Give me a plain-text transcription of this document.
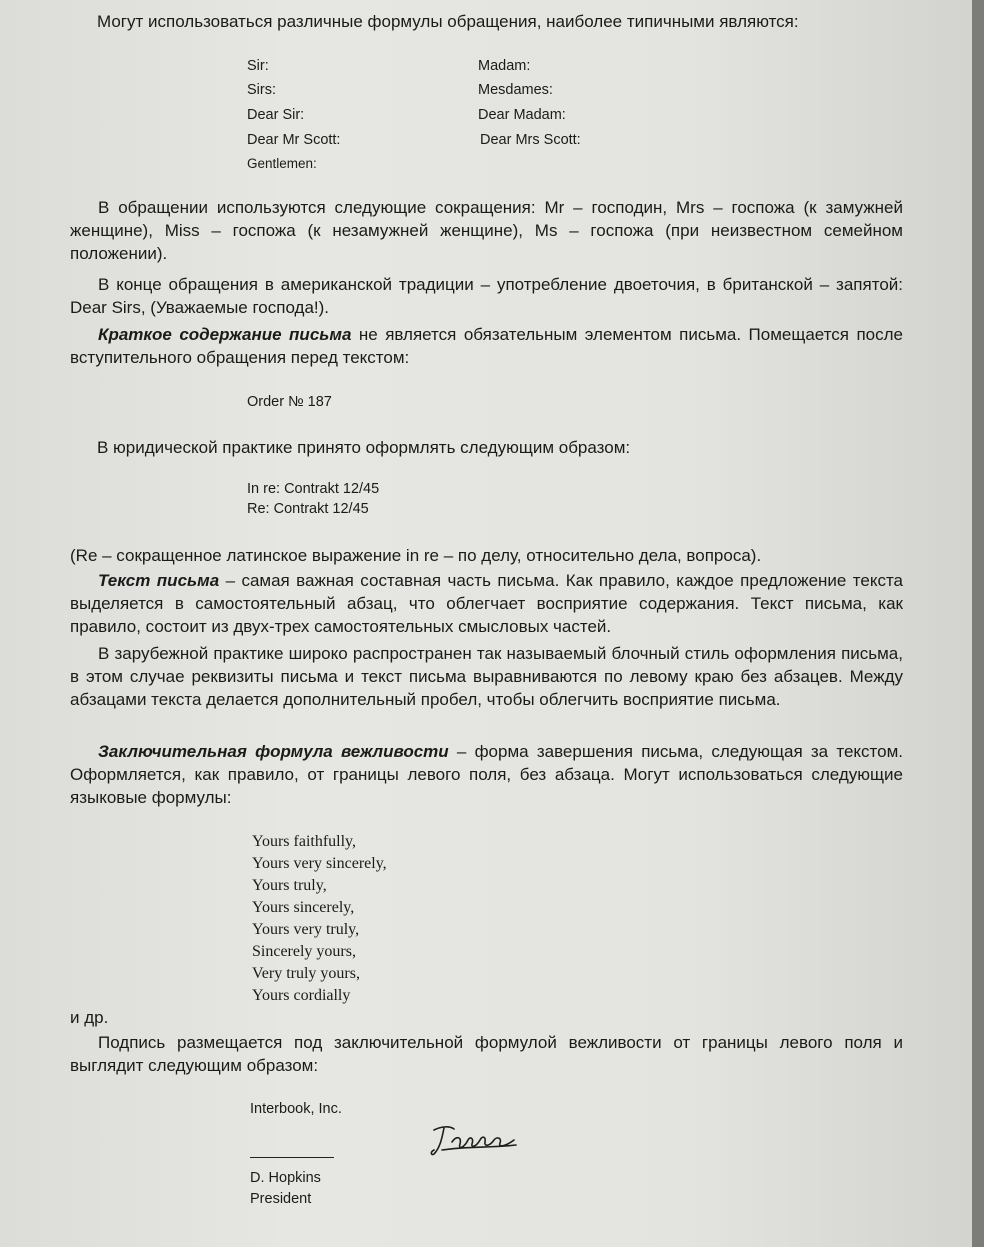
Могут использоваться различные формулы обращения, наиболее типичными являются:

Sir:
Sirs:
Dear Sir:
Dear Mr Scott:
Gentlemen:
Madam:
Mesdames:
Dear Madam:
Dear Mrs Scott:

В обращении используются следующие сокращения: Mr – господин, Mrs – госпожа (к замужней женщине), Miss – госпожа (к незамужней женщине), Ms – госпожа (при неизвестном семейном положении).

В конце обращения в американской традиции – употребление двоеточия, в британской – запятой: Dear Sirs, (Уважаемые господа!).

Краткое содержание письма не является обязательным элементом письма. Помещается после вступительного обращения перед текстом:

Order № 187

В юридической практике принято оформлять следующим образом:

In re: Contrakt 12/45
Re: Contrakt 12/45

(Re – сокращенное латинское выражение in re – по делу, относительно дела, вопроса).

Текст письма – самая важная составная часть письма. Как правило, каждое предложение текста выделяется в самостоятельный абзац, что облегчает восприятие содержания. Текст письма, как правило, состоит из двух-трех самостоятельных смысловых частей.

В зарубежной практике широко распространен так называемый блочный стиль оформления письма, в этом случае реквизиты письма и текст письма выравниваются по левому краю без абзацев. Между абзацами текста делается дополнительный пробел, чтобы облегчить восприятие письма.

Заключительная формула вежливости – форма завершения письма, следующая за текстом. Оформляется, как правило, от границы левого поля, без абзаца. Могут использоваться следующие языковые формулы:

Yours faithfully,
Yours very sincerely,
Yours truly,
Yours sincerely,
Yours very truly,
Sincerely yours,
Very truly yours,
Yours cordially

и др.

Подпись размещается под заключительной формулой вежливости от границы левого поля и выглядит следующим образом:

Interbook, Inc.
D. Hopkins
President
